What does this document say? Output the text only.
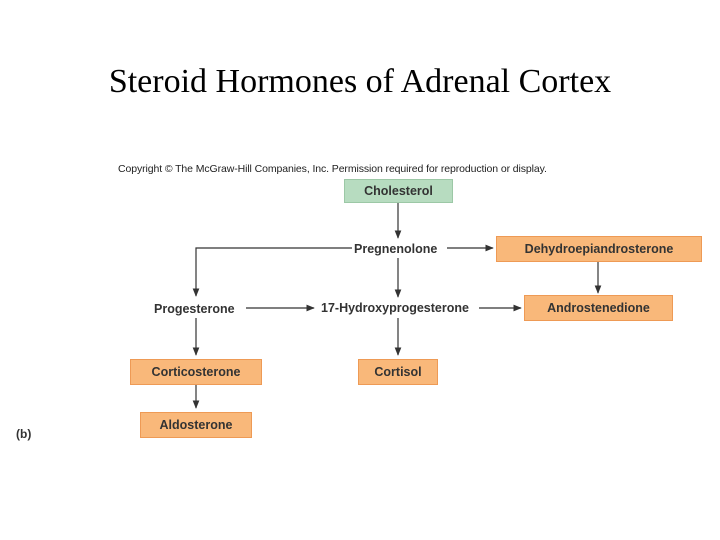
Steroid Hormones of Adrenal Cortex
Copyright © The McGraw-Hill Companies, Inc. Permission required for reproduction or display.
Cholesterol
Pregnenolone	Dehydroepiandrosterone
Progesterone	17-Hydroxyprogesterone	Androstenedione
Corticosterone	Cortisol
Aldosterone
(b)
